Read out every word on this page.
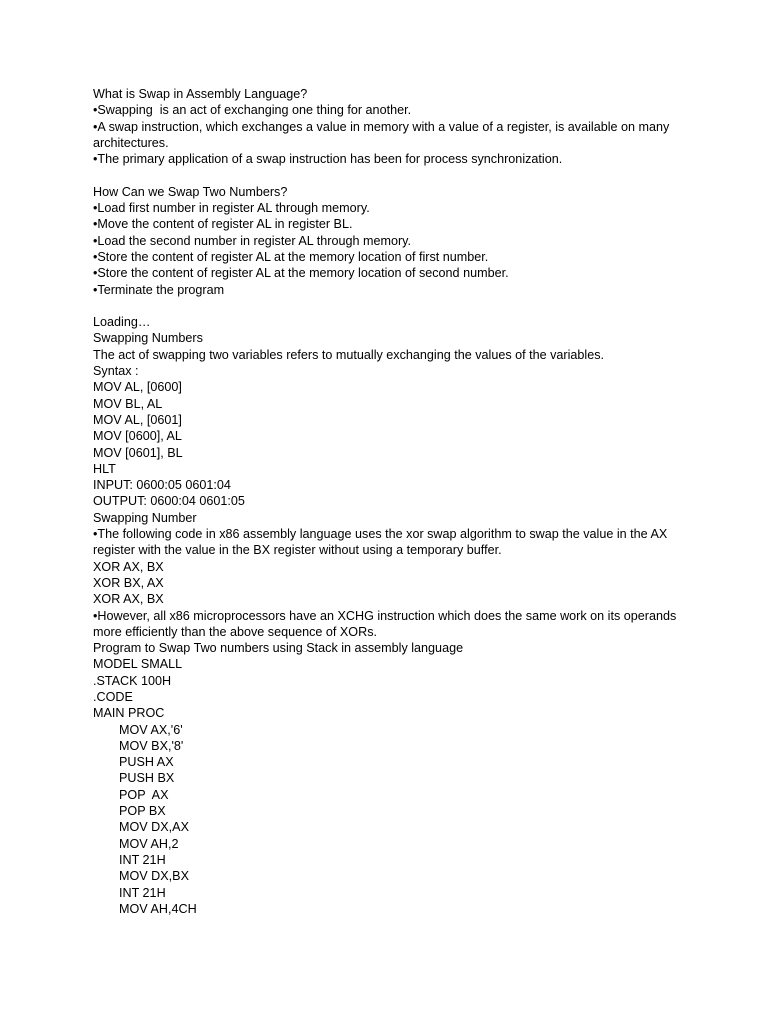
What is Swap in Assembly Language?

•Swapping  is an act of exchanging one thing for another.

•A swap instruction, which exchanges a value in memory with a value of a register, is available on many architectures.

•The primary application of a swap instruction has been for process synchronization.

How Can we Swap Two Numbers?

•Load first number in register AL through memory.

•Move the content of register AL in register BL.

•Load the second number in register AL through memory.

•Store the content of register AL at the memory location of first number.

•Store the content of register AL at the memory location of second number.

•Terminate the program

Loading…

Swapping Numbers

The act of swapping two variables refers to mutually exchanging the values of the variables.

Syntax :

MOV AL, [0600]

MOV BL, AL

MOV AL, [0601]

MOV [0600], AL

MOV [0601], BL

HLT

INPUT: 0600:05 0601:04

OUTPUT: 0600:04 0601:05

Swapping Number

•The following code in x86 assembly language uses the xor swap algorithm to swap the value in the AX register with the value in the BX register without using a temporary buffer.

XOR AX, BX

XOR BX, AX

XOR AX, BX

•However, all x86 microprocessors have an XCHG instruction which does the same work on its operands more efficiently than the above sequence of XORs.

Program to Swap Two numbers using Stack in assembly language

MODEL SMALL

.STACK 100H

.CODE

MAIN PROC

MOV AX,'6'

MOV BX,'8'

PUSH AX

PUSH BX

POP  AX

POP BX

MOV DX,AX

MOV AH,2

INT 21H

MOV DX,BX

INT 21H

MOV AH,4CH
